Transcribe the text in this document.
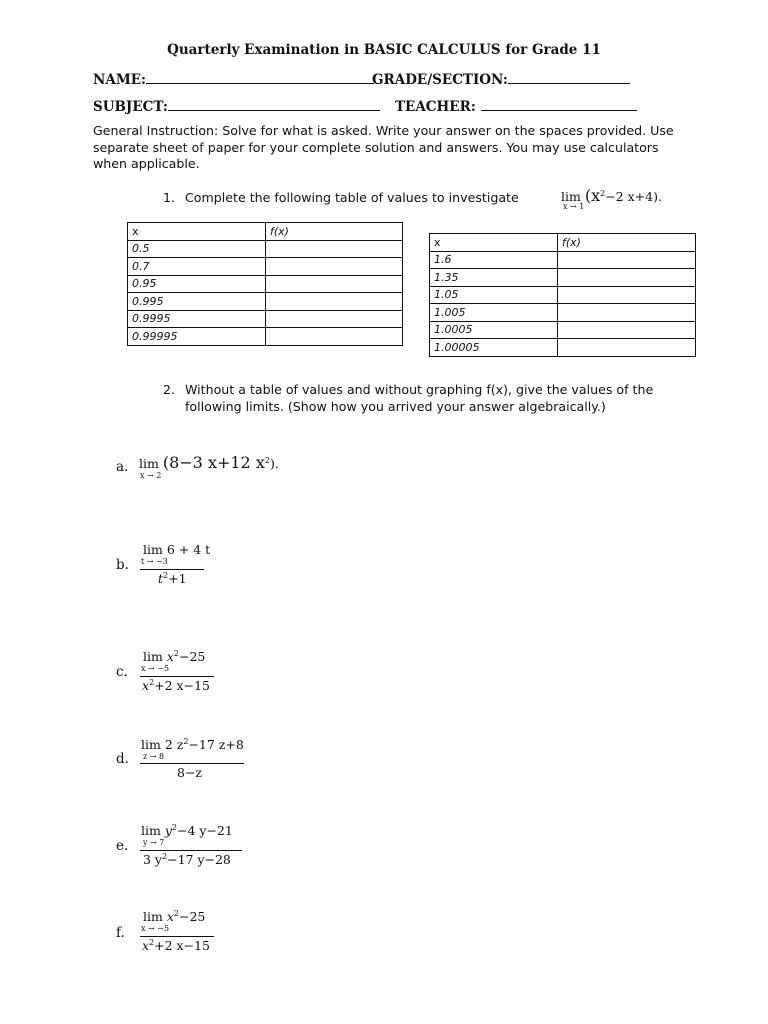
Quarterly Examination in BASIC CALCULUS for Grade 11
NAME:	GRADE/SECTION:
SUBJECT:	TEACHER:
General Instruction: Solve for what is asked. Write your answer on the spaces provided. Use separate sheet of paper for your complete solution and answers. You may use calculators when applicable.
1. Complete the following table of values to investigate	$\lim (x^2-2$ x+4).
x → 1
x	f(x)
0.5	
0.7	
0.95	
0.995	
0.9995	
0.99995	
x	f(x)
1.6	
1.35	
1.05	
1.005	
1.0005	
1.00005	
2. Without a table of values and without graphing f(x), give the values of the following limits. (Show how you arrived your answer algebraically.)
a. lim (8−3 x+12 $x^2$).
x → 2
b.
lim 6 + 4 t
t → −3
$t^2+1$
c.
$\lim x^2-25$
x → −5
$x^2+2$ x−15
d.
lim 2 $z^2-17$ z+8
z → 8
8−z
e.
$\lim y^2-4$ y−21
y → 7
3 $y^2-17$ y−28
f.
$\lim x^2-25$
x → −5
$x^2+2$ x−15
